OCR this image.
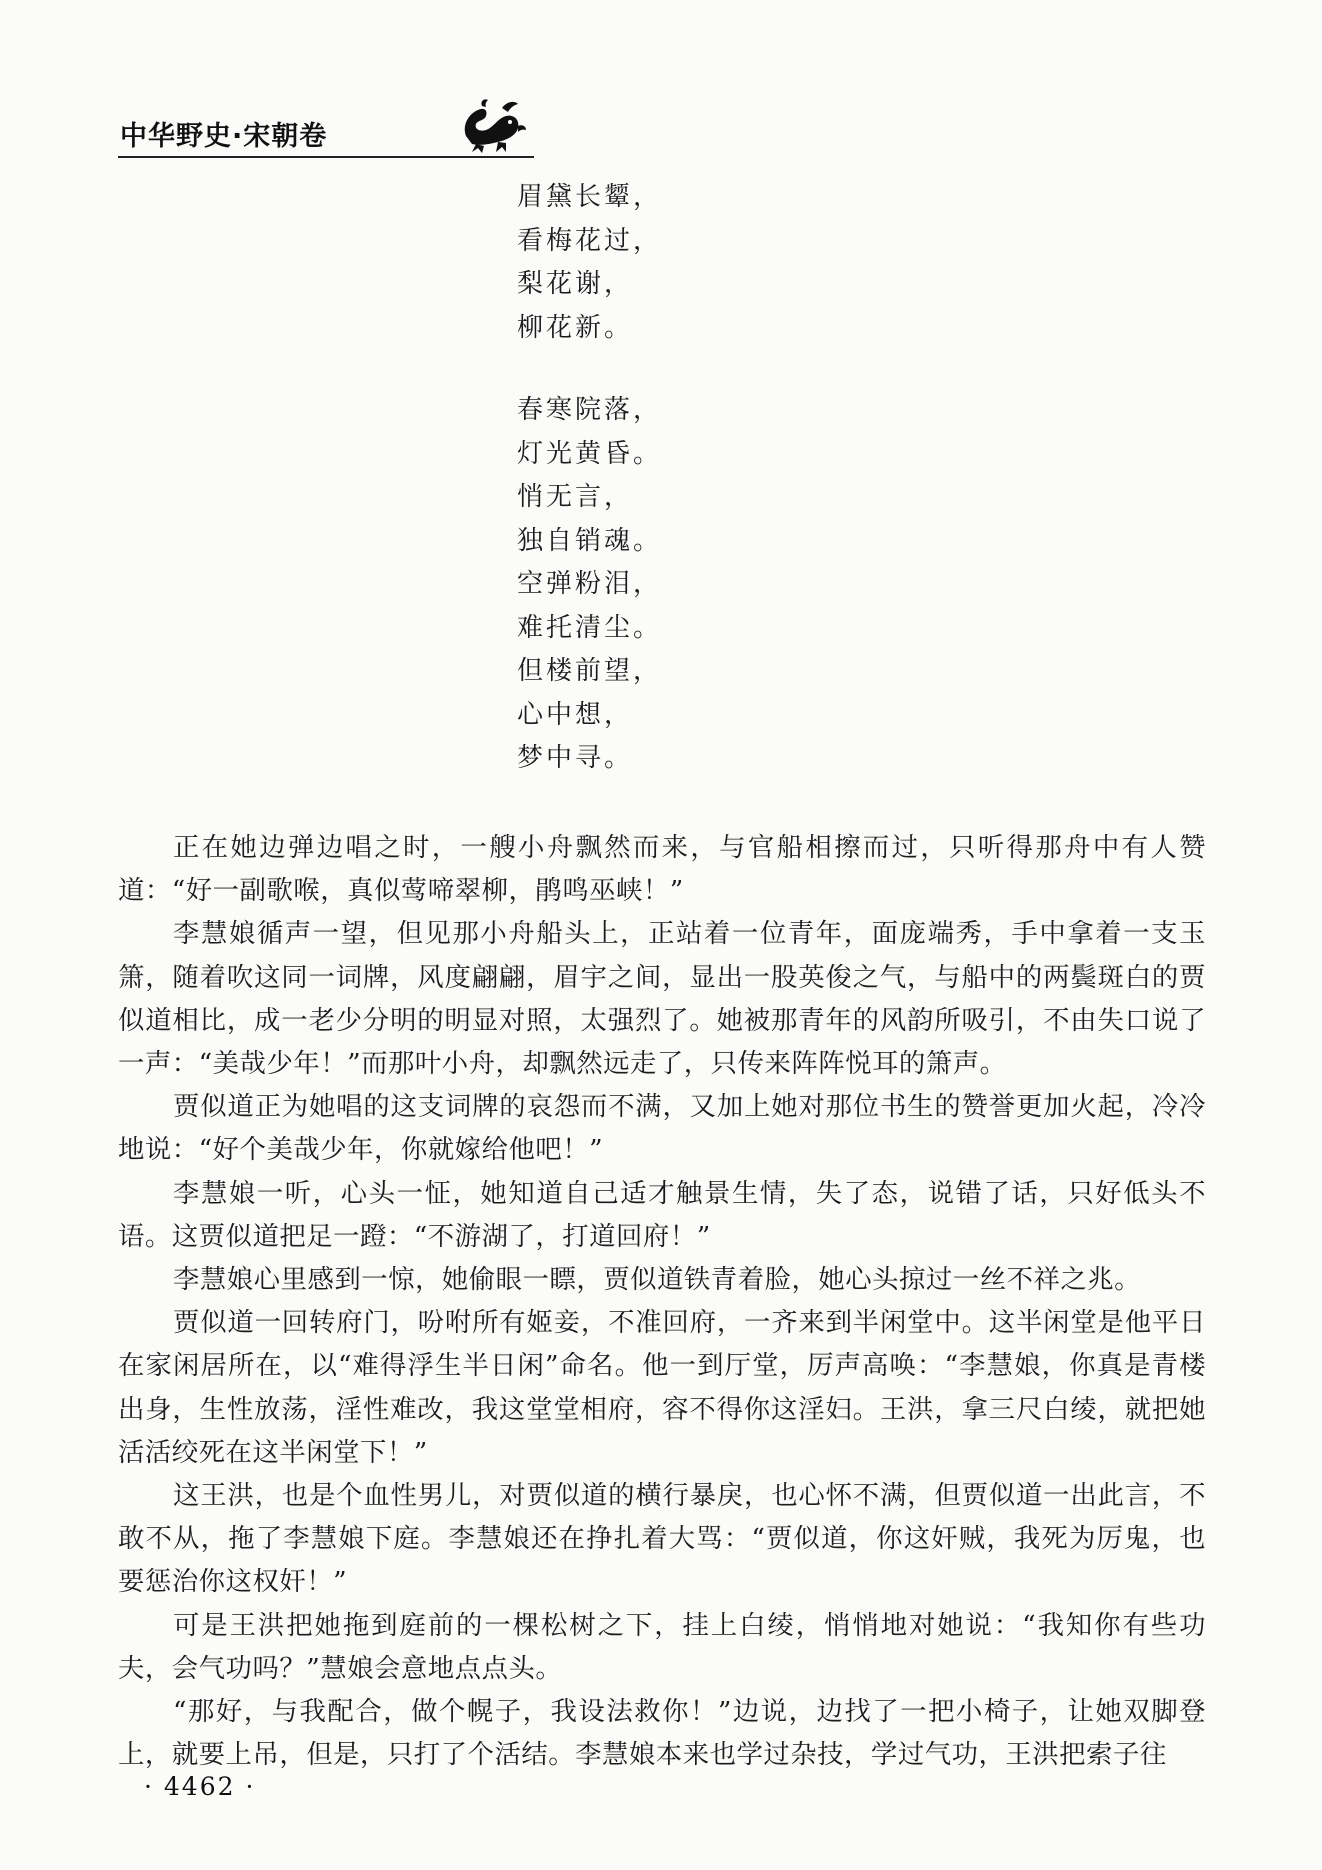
中华野史·宋朝卷
眉黛长颦，
看梅花过，
梨花谢，
柳花新。
春寒院落，
灯光黄昏。
悄无言，
独自销魂。
空弹粉泪，
难托清尘。
但楼前望，
心中想，
梦中寻。

正在她边弹边唱之时，一艘小舟飘然而来，与官船相擦而过，只听得那舟中有人赞道：“好一副歌喉，真似莺啼翠柳，鹃鸣巫峡！”

李慧娘循声一望，但见那小舟船头上，正站着一位青年，面庞端秀，手中拿着一支玉箫，随着吹这同一词牌，风度翩翩，眉宇之间，显出一股英俊之气，与船中的两鬓斑白的贾似道相比，成一老少分明的明显对照，太强烈了。她被那青年的风韵所吸引，不由失口说了一声：“美哉少年！”而那叶小舟，却飘然远走了，只传来阵阵悦耳的箫声。

贾似道正为她唱的这支词牌的哀怨而不满，又加上她对那位书生的赞誉更加火起，冷冷地说：“好个美哉少年，你就嫁给他吧！”

李慧娘一听，心头一怔，她知道自己适才触景生情，失了态，说错了话，只好低头不语。这贾似道把足一蹬：“不游湖了，打道回府！”

李慧娘心里感到一惊，她偷眼一瞟，贾似道铁青着脸，她心头掠过一丝不祥之兆。

贾似道一回转府门，吩咐所有姬妾，不准回府，一齐来到半闲堂中。这半闲堂是他平日在家闲居所在，以“难得浮生半日闲”命名。他一到厅堂，厉声高唤：“李慧娘，你真是青楼出身，生性放荡，淫性难改，我这堂堂相府，容不得你这淫妇。王洪，拿三尺白绫，就把她活活绞死在这半闲堂下！”

这王洪，也是个血性男儿，对贾似道的横行暴戾，也心怀不满，但贾似道一出此言，不敢不从，拖了李慧娘下庭。李慧娘还在挣扎着大骂：“贾似道，你这奸贼，我死为厉鬼，也要惩治你这权奸！”

可是王洪把她拖到庭前的一棵松树之下，挂上白绫，悄悄地对她说：“我知你有些功夫，会气功吗？”慧娘会意地点点头。

“那好，与我配合，做个幌子，我设法救你！”边说，边找了一把小椅子，让她双脚登上，就要上吊，但是，只打了个活结。李慧娘本来也学过杂技，学过气功，王洪把索子往

· 4462 ·
